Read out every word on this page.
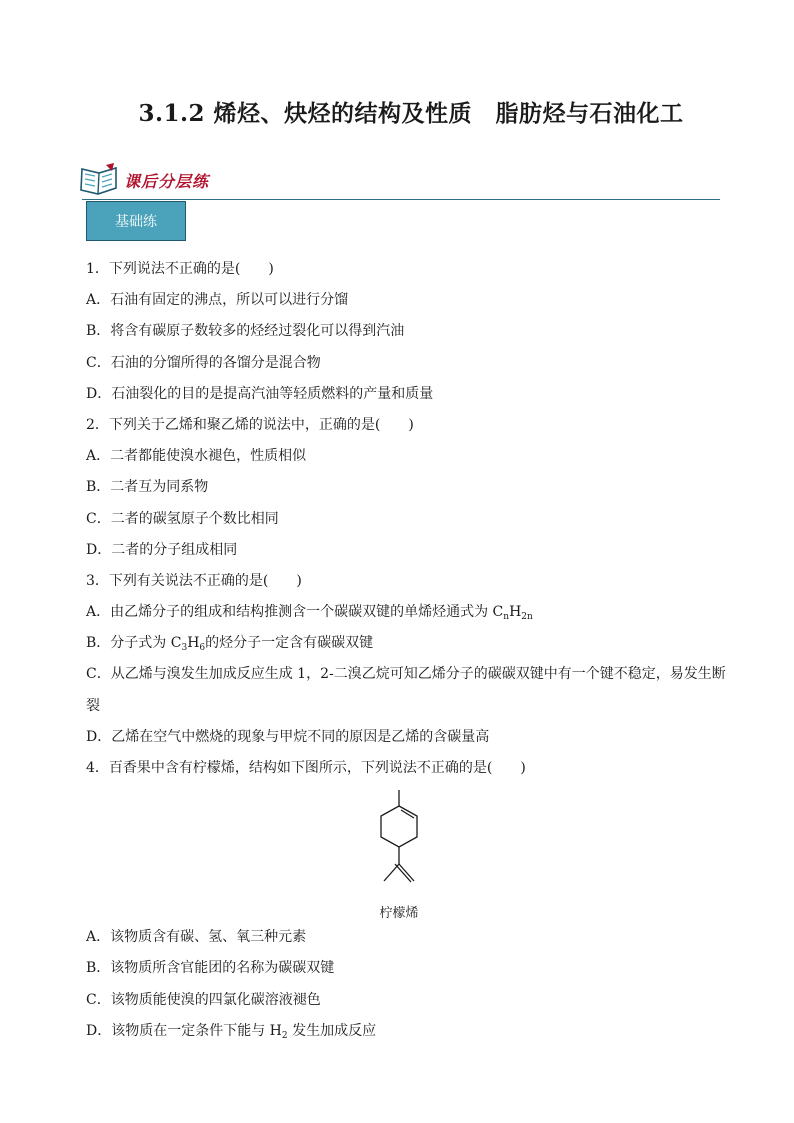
3.1.2 烯烃、炔烃的结构及性质　脂肪烃与石油化工
课后分层练
基础练
1．下列说法不正确的是(　　)
A．石油有固定的沸点，所以可以进行分馏
B．将含有碳原子数较多的烃经过裂化可以得到汽油
C．石油的分馏所得的各馏分是混合物
D．石油裂化的目的是提高汽油等轻质燃料的产量和质量
2．下列关于乙烯和聚乙烯的说法中，正确的是(　　)
A．二者都能使溴水褪色，性质相似
B．二者互为同系物
C．二者的碳氢原子个数比相同
D．二者的分子组成相同
3．下列有关说法不正确的是(　　)
A．由乙烯分子的组成和结构推测含一个碳碳双键的单烯烃通式为 $C_nH_{2n}$
B．分子式为 $C_3H_6$的烃分子一定含有碳碳双键
C．从乙烯与溴发生加成反应生成 1，2-二溴乙烷可知乙烯分子的碳碳双键中有一个键不稳定，易发生断裂
D．乙烯在空气中燃烧的现象与甲烷不同的原因是乙烯的含碳量高
4．百香果中含有柠檬烯，结构如下图所示，下列说法不正确的是(　　)
柠檬烯
A．该物质含有碳、氢、氧三种元素
B．该物质所含官能团的名称为碳碳双键
C．该物质能使溴的四氯化碳溶液褪色
D．该物质在一定条件下能与 $H_2$ 发生加成反应
